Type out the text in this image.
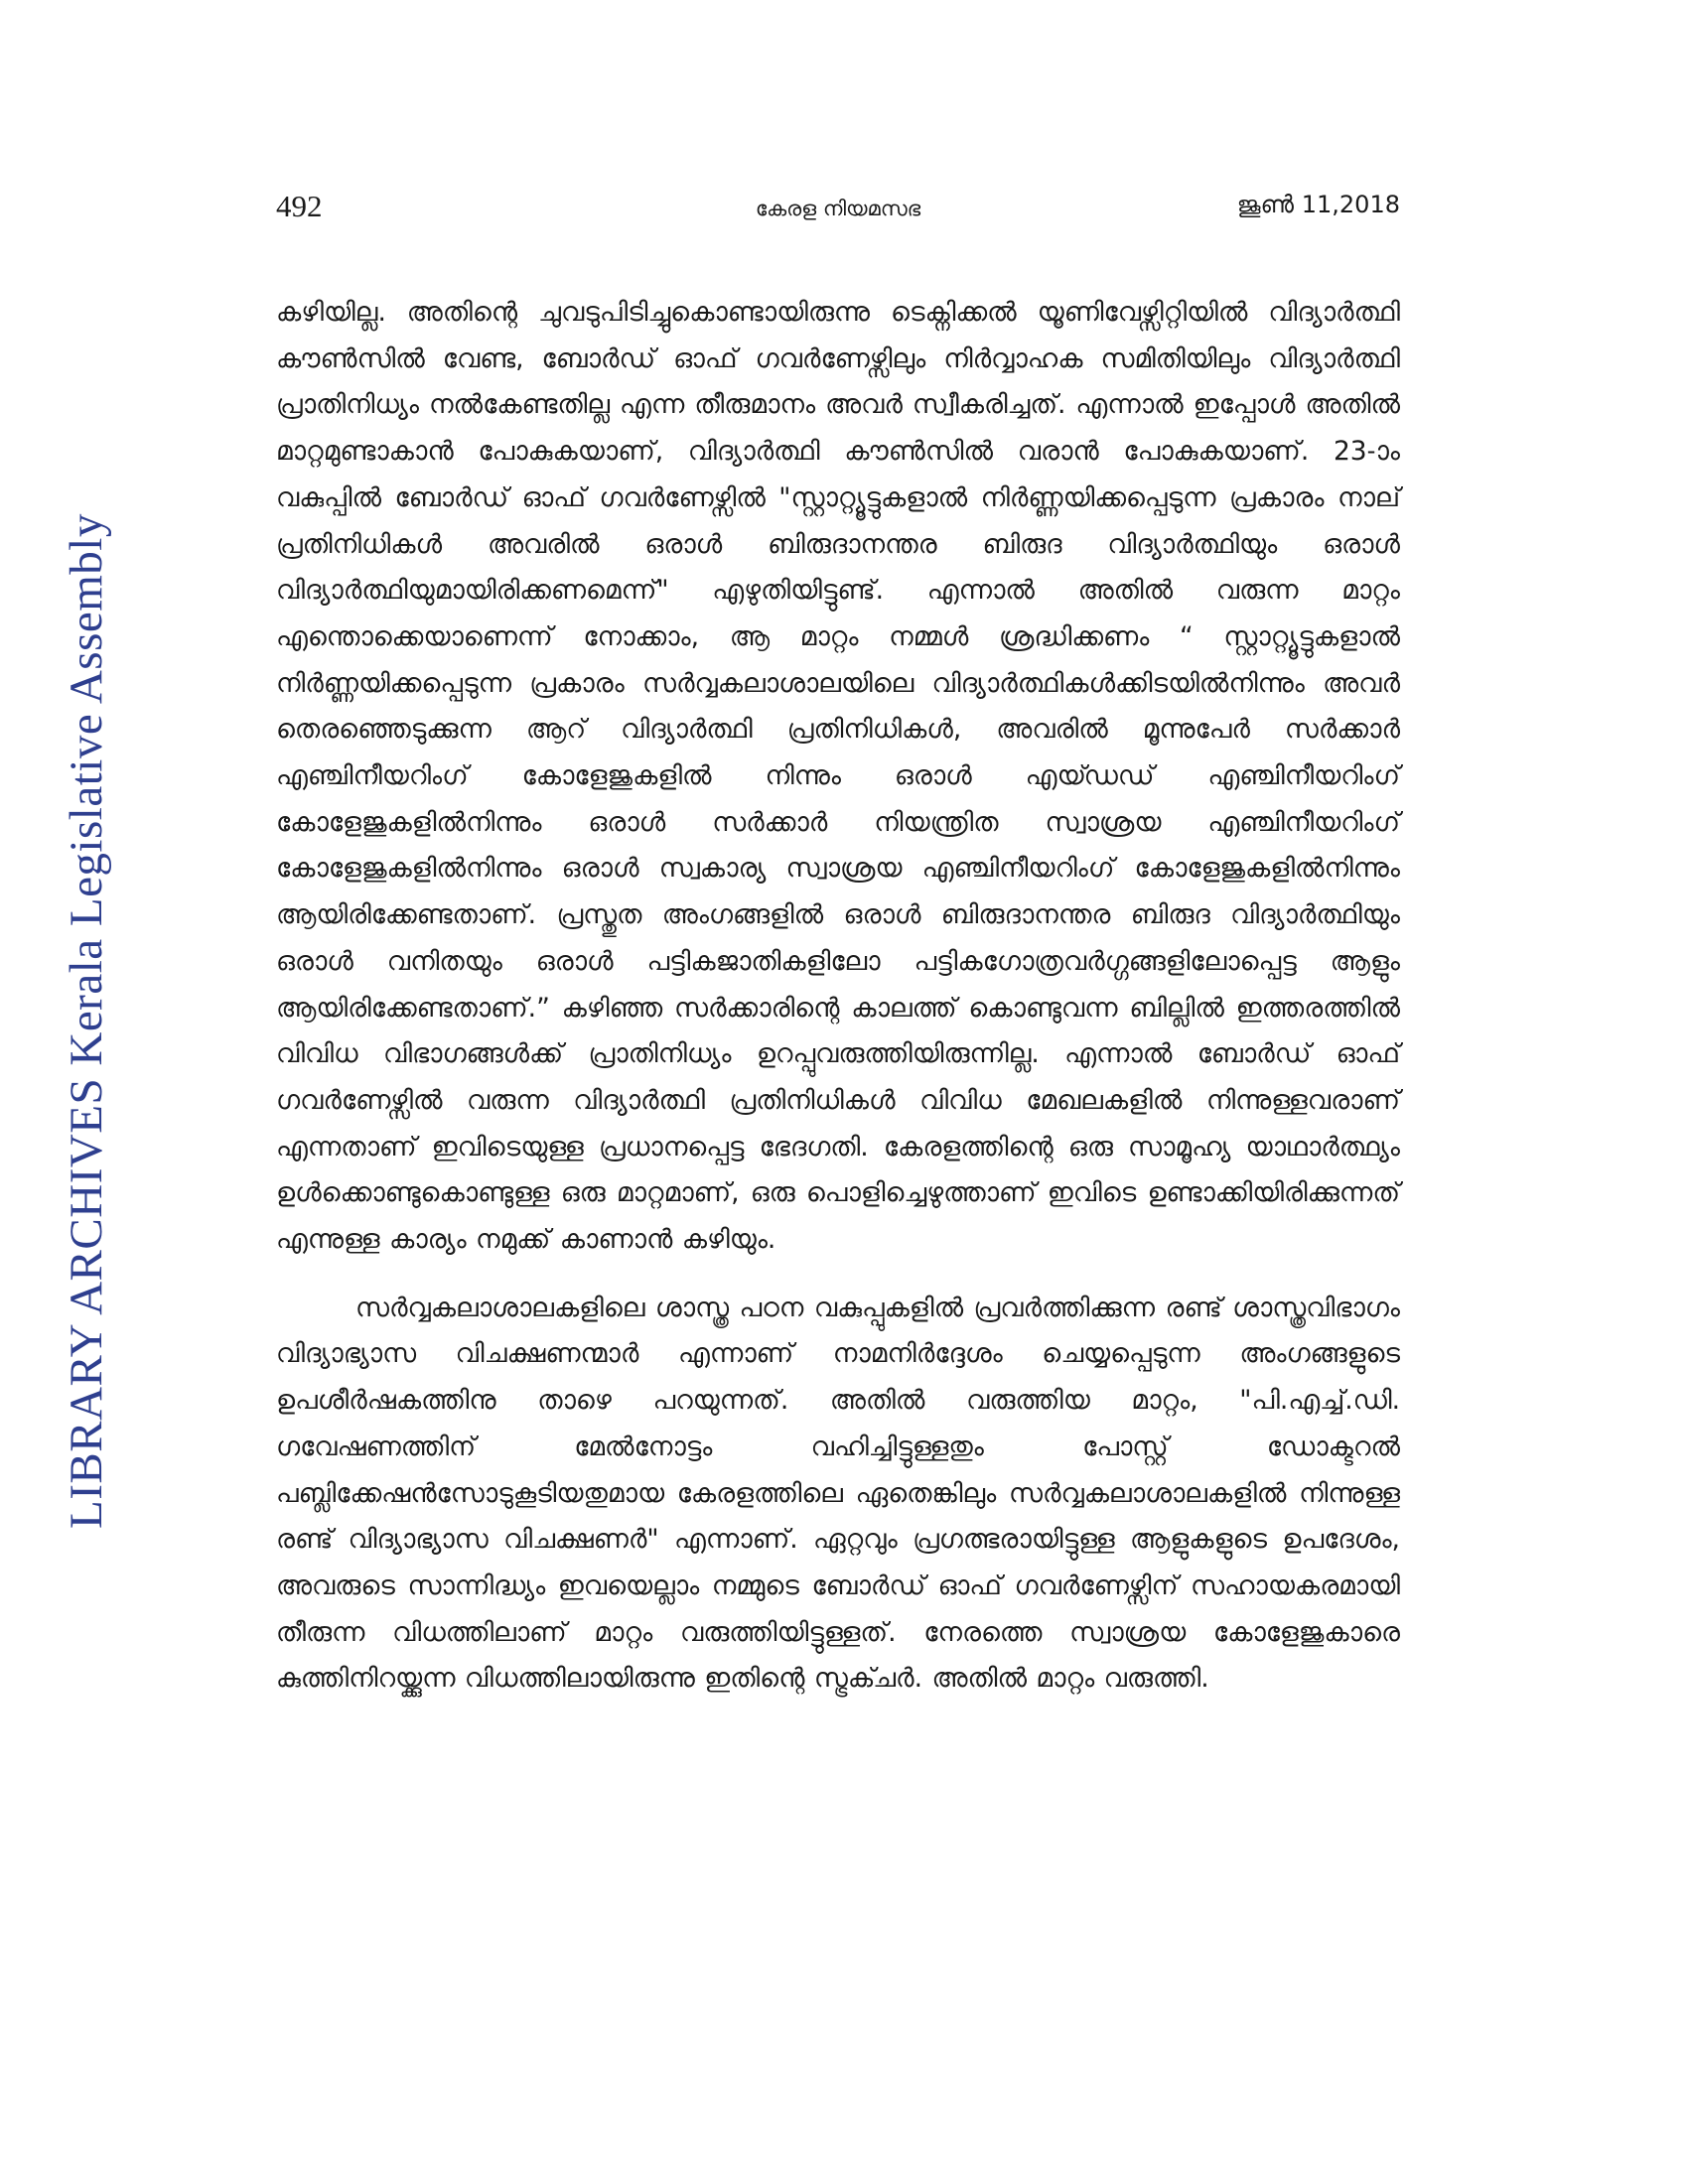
LIBRARY ARCHIVES Kerala Legislative Assembly
492	കേരള നിയമസഭ	ജൂൺ 11,2018

കഴിയില്ല. അതിന്റെ ചുവടുപിടിച്ചുകൊണ്ടായിരുന്നു ടെക്നിക്കൽ യൂണിവേഴ്സിറ്റിയിൽ വിദ്യാർത്ഥി കൗൺസിൽ വേണ്ട, ബോർഡ് ഓഫ് ഗവർണേഴ്സിലും നിർവ്വാഹക സമിതിയിലും വിദ്യാർത്ഥി പ്രാതിനിധ്യം നൽകേണ്ടതില്ല എന്ന തീരുമാനം അവർ സ്വീകരിച്ചത്. എന്നാൽ ഇപ്പോൾ അതിൽ മാറ്റമുണ്ടാകാൻ പോകുകയാണ്, വിദ്യാർത്ഥി കൗൺസിൽ വരാൻ പോകുകയാണ്. 23-ാം വകുപ്പിൽ ബോർഡ് ഓഫ് ഗവർണേഴ്സിൽ "സ്റ്റാറ്റ്യൂട്ടുകളാൽ നിർണ്ണയിക്കപ്പെടുന്ന പ്രകാരം നാല് പ്രതിനിധികൾ അവരിൽ ഒരാൾ ബിരുദാനന്തര ബിരുദ വിദ്യാർത്ഥിയും ഒരാൾ വിദ്യാർത്ഥിയുമായിരിക്കണമെന്ന്" എഴുതിയിട്ടുണ്ട്. എന്നാൽ അതിൽ വരുന്ന മാറ്റം എന്തൊക്കെയാണെന്ന് നോക്കാം, ആ മാറ്റം നമ്മൾ ശ്രദ്ധിക്കണം “ സ്റ്റാറ്റ്യൂട്ടുകളാൽ നിർണ്ണയിക്കപ്പെടുന്ന പ്രകാരം സർവ്വകലാശാലയിലെ വിദ്യാർത്ഥികൾക്കിടയിൽനിന്നും അവർ തെരഞ്ഞെടുക്കുന്ന ആറ് വിദ്യാർത്ഥി പ്രതിനിധികൾ, അവരിൽ മൂന്നുപേർ സർക്കാർ എഞ്ചിനീയറിംഗ് കോളേജുകളിൽ നിന്നും ഒരാൾ എയ്ഡഡ് എഞ്ചിനീയറിംഗ് കോളേജുകളിൽനിന്നും ഒരാൾ സർക്കാർ നിയന്ത്രിത സ്വാശ്രയ എഞ്ചിനീയറിംഗ് കോളേജുകളിൽനിന്നും ഒരാൾ സ്വകാര്യ സ്വാശ്രയ എഞ്ചിനീയറിംഗ് കോളേജുകളിൽനിന്നും ആയിരിക്കേണ്ടതാണ്. പ്രസ്തുത അംഗങ്ങളിൽ ഒരാൾ ബിരുദാനന്തര ബിരുദ വിദ്യാർത്ഥിയും ഒരാൾ വനിതയും ഒരാൾ പട്ടികജാതികളിലോ പട്ടികഗോത്രവർഗ്ഗങ്ങളിലോപ്പെട്ട ആളും ആയിരിക്കേണ്ടതാണ്.” കഴിഞ്ഞ സർക്കാരിന്റെ കാലത്ത് കൊണ്ടുവന്ന ബില്ലിൽ ഇത്തരത്തിൽ വിവിധ വിഭാഗങ്ങൾക്ക് പ്രാതിനിധ്യം ഉറപ്പുവരുത്തിയിരുന്നില്ല. എന്നാൽ ബോർഡ് ഓഫ് ഗവർണേഴ്സിൽ വരുന്ന വിദ്യാർത്ഥി പ്രതിനിധികൾ വിവിധ മേഖലകളിൽ നിന്നുള്ളവരാണ് എന്നതാണ് ഇവിടെയുള്ള പ്രധാനപ്പെട്ട ഭേദഗതി. കേരളത്തിന്റെ ഒരു സാമൂഹ്യ യാഥാർത്ഥ്യം ഉൾക്കൊണ്ടുകൊണ്ടുള്ള ഒരു മാറ്റമാണ്, ഒരു പൊളിച്ചെഴുത്താണ് ഇവിടെ ഉണ്ടാക്കിയിരിക്കുന്നത് എന്നുള്ള കാര്യം നമുക്ക് കാണാൻ കഴിയും.

സർവ്വകലാശാലകളിലെ ശാസ്ത്ര പഠന വകുപ്പുകളിൽ പ്രവർത്തിക്കുന്ന രണ്ട് ശാസ്ത്രവിഭാഗം വിദ്യാഭ്യാസ വിചക്ഷണന്മാർ എന്നാണ് നാമനിർദ്ദേശം ചെയ്യപ്പെടുന്ന അംഗങ്ങളുടെ ഉപശീർഷകത്തിനു താഴെ പറയുന്നത്. അതിൽ വരുത്തിയ മാറ്റം, "പി.എച്ച്.ഡി. ഗവേഷണത്തിന് മേൽനോട്ടം വഹിച്ചിട്ടുള്ളതും പോസ്റ്റ് ഡോക്ടറൽ പബ്ലിക്കേഷൻസോടുകൂടിയതുമായ കേരളത്തിലെ ഏതെങ്കിലും സർവ്വകലാശാലകളിൽ നിന്നുള്ള രണ്ട് വിദ്യാഭ്യാസ വിചക്ഷണർ" എന്നാണ്. ഏറ്റവും പ്രഗത്ഭരായിട്ടുള്ള ആളുകളുടെ ഉപദേശം, അവരുടെ സാന്നിദ്ധ്യം ഇവയെല്ലാം നമ്മുടെ ബോർഡ് ഓഫ് ഗവർണേഴ്സിന് സഹായകരമായി തീരുന്ന വിധത്തിലാണ് മാറ്റം വരുത്തിയിട്ടുള്ളത്. നേരത്തെ സ്വാശ്രയ കോളേജുകാരെ കുത്തിനിറയ്ക്കുന്ന വിധത്തിലായിരുന്നു ഇതിന്റെ സ്ട്രക്ചർ. അതിൽ മാറ്റം വരുത്തി.
